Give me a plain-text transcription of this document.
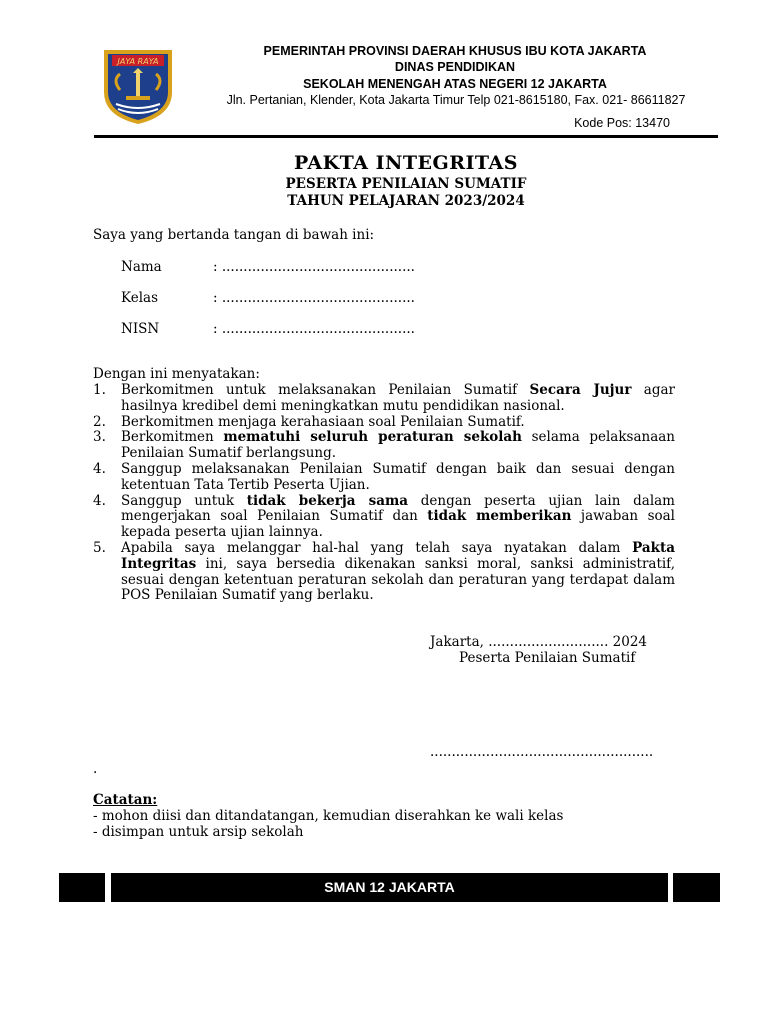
JAYA RAYA
PEMERINTAH PROVINSI DAERAH KHUSUS IBU KOTA JAKARTA
DINAS PENDIDIKAN
SEKOLAH MENENGAH ATAS NEGERI 12 JAKARTA
Jln. Pertanian, Klender, Kota Jakarta Timur Telp 021-8615180, Fax. 021- 86611827
Kode Pos: 13470
PAKTA INTEGRITAS
PESERTA PENILAIAN SUMATIF
TAHUN PELAJARAN 2023/2024
Saya yang bertanda tangan di bawah ini:
Nama	: .............................................
Kelas	: .............................................
NISN	: .............................................
Dengan ini menyatakan:
1.	Berkomitmen untuk melaksanakan Penilaian Sumatif Secara Jujur agar hasilnya kredibel demi meningkatkan mutu pendidikan nasional.
2.	Berkomitmen menjaga kerahasiaan soal Penilaian Sumatif.
3.	Berkomitmen mematuhi seluruh peraturan sekolah selama pelaksanaan Penilaian Sumatif berlangsung.
4.	Sanggup melaksanakan Penilaian Sumatif dengan baik dan sesuai dengan ketentuan Tata Tertib Peserta Ujian.
4.	Sanggup untuk tidak bekerja sama dengan peserta ujian lain dalam mengerjakan soal Penilaian Sumatif dan tidak memberikan jawaban soal kepada peserta ujian lainnya.
5.	Apabila saya melanggar hal-hal yang telah saya nyatakan dalam Pakta Integritas ini, saya bersedia dikenakan sanksi moral, sanksi administratif, sesuai dengan ketentuan peraturan sekolah dan peraturan yang terdapat dalam POS Penilaian Sumatif yang berlaku.
Jakarta, ............................ 2024
Peserta Penilaian Sumatif
....................................................
.
Catatan:
- mohon diisi dan ditandatangan, kemudian diserahkan ke wali kelas
- disimpan untuk arsip sekolah
SMAN 12 JAKARTA
